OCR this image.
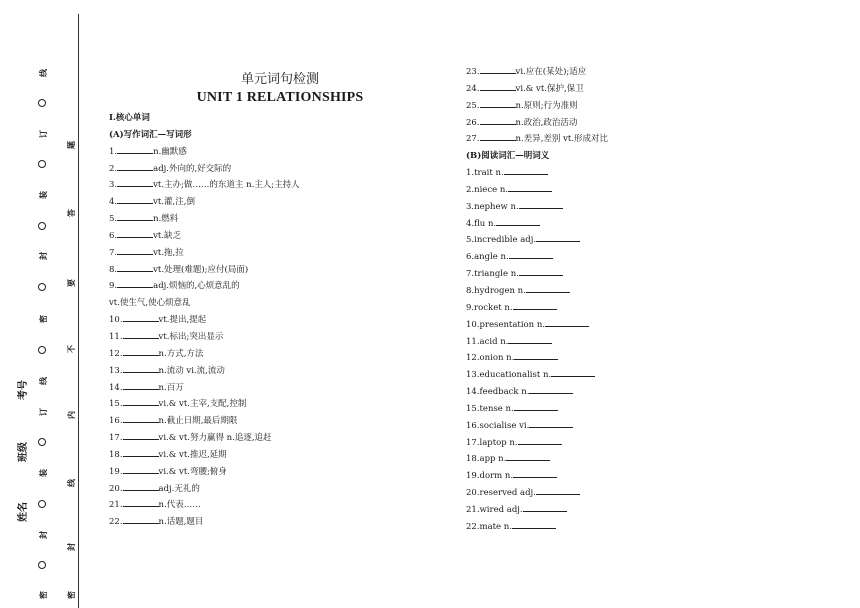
线
订
装
封
密
线
订
装
封
密
题
答
要
不
内
线
封
密
姓名
班级
考号
单元词句检测
UNIT 1 RELATIONSHIPS
Ⅰ.核心单词
(A)写作词汇—写词形
1.	n.幽默感
2.	adj.外向的,好交际的
3.	vt.主办;做……的东道主 n.主人;主持人
4.	vt.灌,注,倒
5.	n.燃料
6.	vt.缺乏
7.	vt.拖,拉
8.	vt.处理(难题);应付(局面)
9.	adj.烦恼的,心烦意乱的
vt.使生气,使心烦意乱
10.	vt.提出,提起
11.	vt.标出;突出显示
12.	n.方式,方法
13.	n.流动 vi.流,流动
14.	n.百万
15.	vi.& vt.主宰,支配,控制
16.	n.截止日期,最后期限
17.	vi.& vt.努力赢得 n.追逐,追赶
18.	vi.& vt.推迟,延期
19.	vi.& vt.弯腰;俯身
20.	adj.无礼的
21.	n.代表……
22.	n.话题,题目
23.	vi.应在(某处);适应
24.	vi.& vt.保护,保卫
25.	n.原则;行为准则
26.	n.政治,政治活动
27.	n.差异,差别 vt.形成对比
(B)阅读词汇—明词义
1.trait n.
2.niece n.
3.nephew n.
4.flu n.
5.incredible adj.
6.angle n.
7.triangle n.
8.hydrogen n.
9.rocket n.
10.presentation n.
11.acid n.
12.onion n.
13.educationalist n.
14.feedback n.
15.tense n.
16.socialise vi.
17.laptop n.
18.app n.
19.dorm n.
20.reserved adj.
21.wired adj.
22.mate n.
